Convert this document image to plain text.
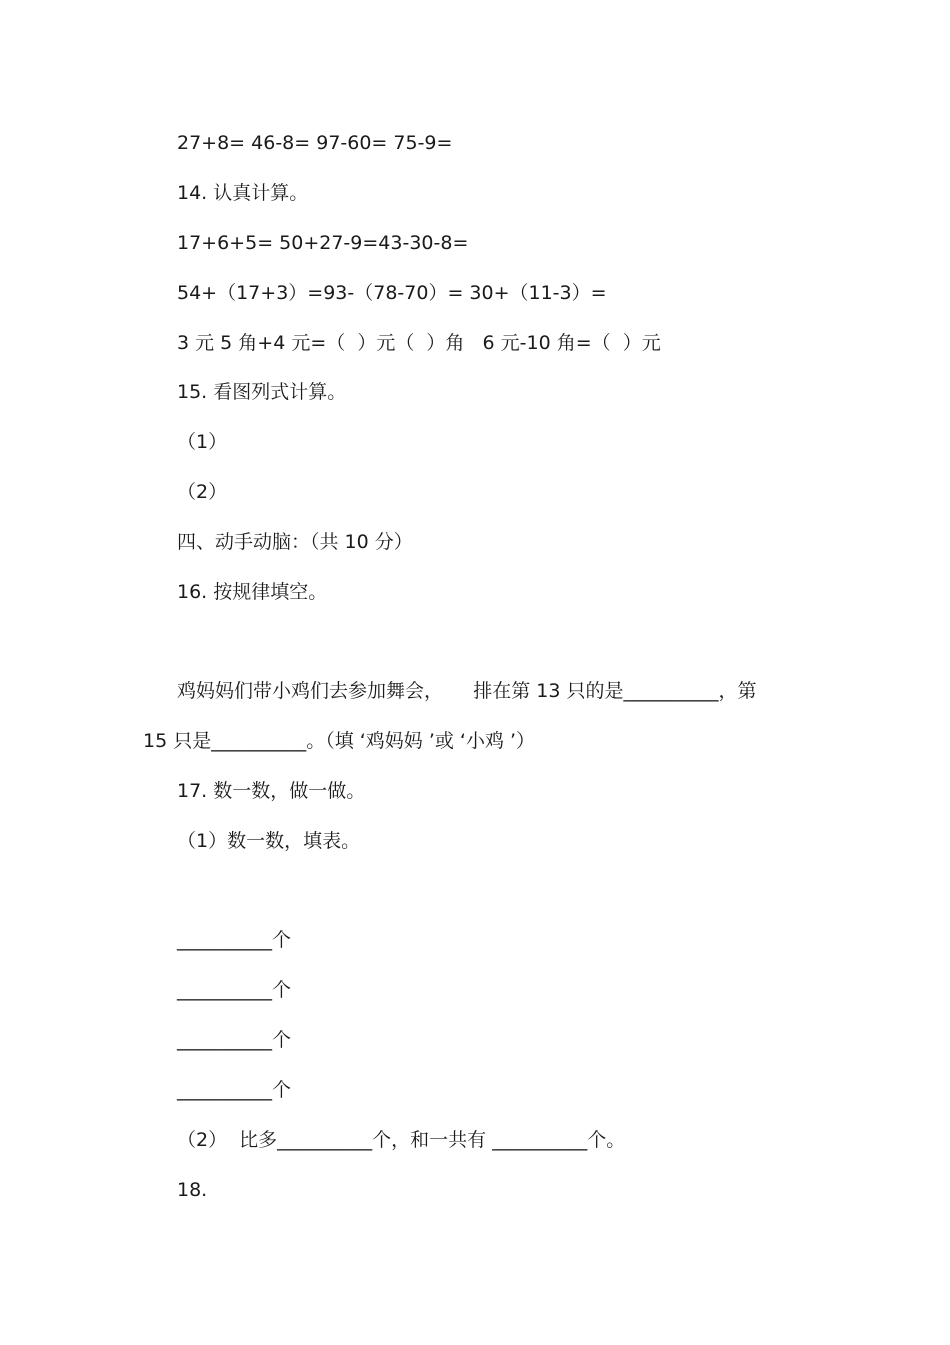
27+8= 46-8= 97-60= 75-9=
14. 认真计算。
17+6+5= 50+27-9=43-30-8=
54+（17+3）=93-（78-70）= 30+（11-3）=
3 元 5 角+4 元=（  ）元（  ）角   6 元-10 角=（  ）元
15. 看图列式计算。
（1）
（2）
四、动手动脑：（共 10 分）
16. 按规律填空。
鸡妈妈们带小鸡们去参加舞会，     排在第 13 只的是__________，第
15 只是__________。（填 ‘鸡妈妈 ’或 ‘小鸡 ’）
17. 数一数，做一做。
（1）数一数，填表。
__________个
__________个
__________个
__________个
（2）  比多__________个，和一共有 __________个。
18.
